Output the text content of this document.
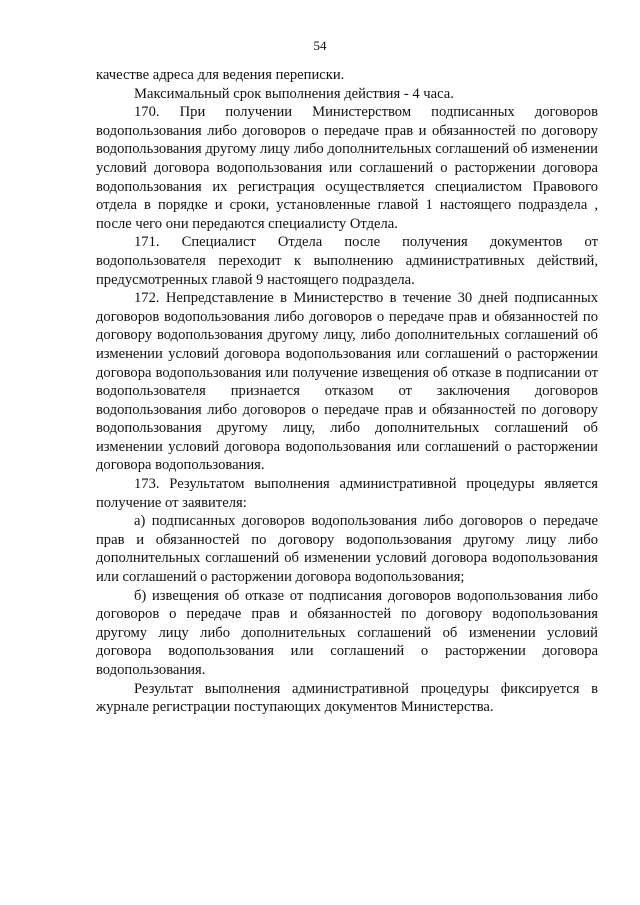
54

качестве адреса для ведения переписки.

Максимальный срок выполнения действия - 4 часа.

170. При получении Министерством подписанных договоров водопользования либо договоров о передаче прав и обязанностей по договору водопользования другому лицу либо дополнительных соглашений об изменении условий договора водопользования или соглашений о расторжении договора водопользования их регистрация осуществляется специалистом Правового отдела в порядке и сроки, установленные главой 1 настоящего подраздела , после чего они передаются специалисту Отдела.

171. Специалист Отдела после получения документов от водопользователя переходит к выполнению административных действий, предусмотренных главой 9 настоящего подраздела.

172. Непредставление в Министерство в течение 30 дней подписанных договоров водопользования либо договоров о передаче прав и обязанностей по договору водопользования другому лицу, либо дополнительных соглашений об изменении условий договора водопользования или соглашений о расторжении договора водопользования или получение извещения об отказе в подписании от водопользователя признается отказом от заключения договоров водопользования либо договоров о передаче прав и обязанностей по договору водопользования другому лицу, либо дополнительных соглашений об изменении условий договора водопользования или соглашений о расторжении договора водопользования.

173. Результатом выполнения административной процедуры является получение от заявителя:

а) подписанных договоров водопользования либо договоров о передаче прав и обязанностей по договору водопользования другому лицу либо дополнительных соглашений об изменении условий договора водопользования или соглашений о расторжении договора водопользования;

б) извещения об отказе от подписания договоров водопользования либо договоров о передаче прав и обязанностей по договору водопользования другому лицу либо дополнительных соглашений об изменении условий договора водопользования или соглашений о расторжении договора водопользования.

Результат выполнения административной процедуры фиксируется в журнале регистрации поступающих документов Министерства.
